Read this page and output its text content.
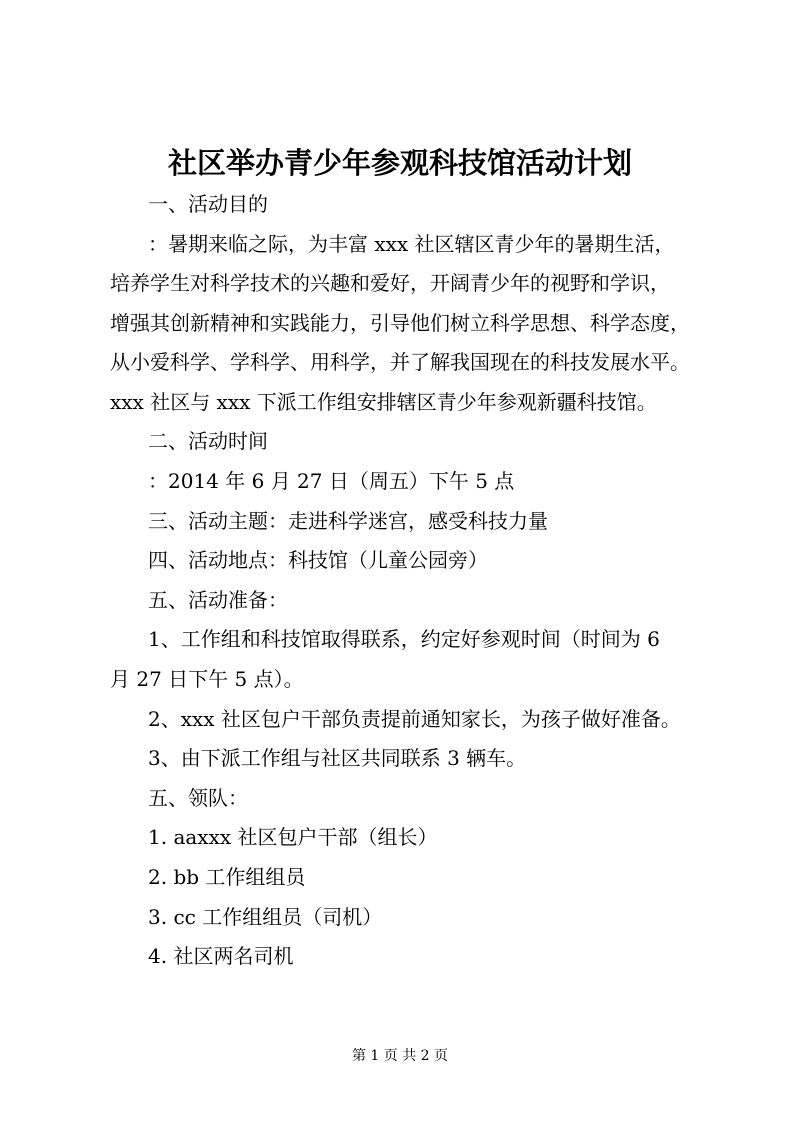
社区举办青少年参观科技馆活动计划
一、活动目的
：暑期来临之际，为丰富 xxx 社区辖区青少年的暑期生活，
培养学生对科学技术的兴趣和爱好，开阔青少年的视野和学识，
增强其创新精神和实践能力，引导他们树立科学思想、科学态度，
从小爱科学、学科学、用科学，并了解我国现在的科技发展水平。
xxx 社区与 xxx 下派工作组安排辖区青少年参观新疆科技馆。
二、活动时间
：2014 年 6 月 27 日（周五）下午 5 点
三、活动主题：走进科学迷宫，感受科技力量
四、活动地点：科技馆（儿童公园旁）
五、活动准备：
1、工作组和科技馆取得联系，约定好参观时间（时间为 6
月 27 日下午 5 点）。
2、xxx 社区包户干部负责提前通知家长，为孩子做好准备。
3、由下派工作组与社区共同联系 3 辆车。
五、领队：
1. aaxxx 社区包户干部（组长）
2. bb 工作组组员
3. cc 工作组组员（司机）
4. 社区两名司机
第 1 页 共 2 页
